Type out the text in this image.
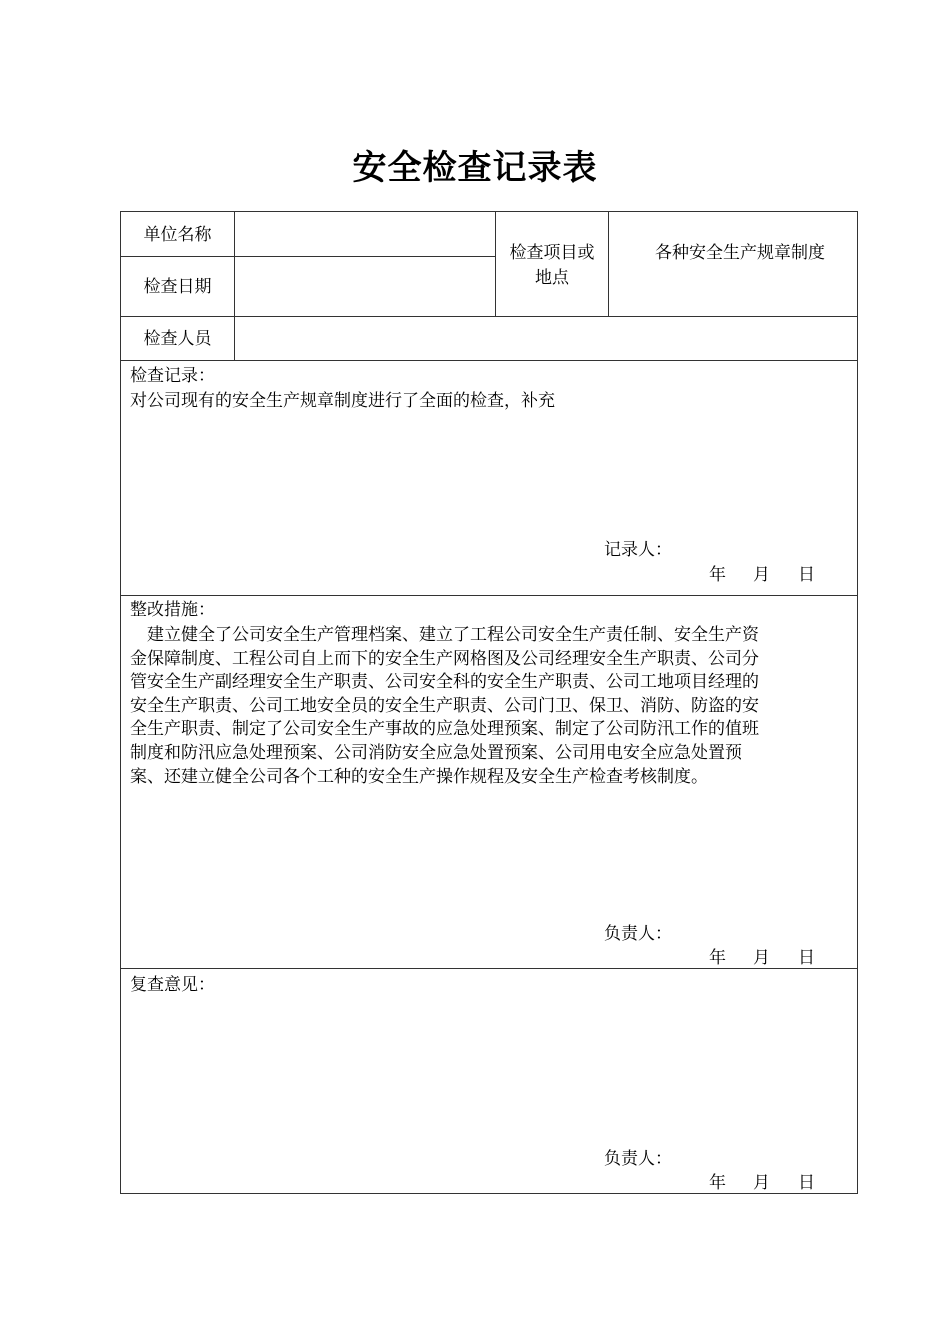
安全检查记录表
单位名称
检查日期
检查人员
检查项目或
地点
各种安全生产规章制度
检查记录：
对公司现有的安全生产规章制度进行了全面的检查，补充
记录人：
年 月 日
整改措施：
　建立健全了公司安全生产管理档案、建立了工程公司安全生产责任制、安全生产资
金保障制度、工程公司自上而下的安全生产网格图及公司经理安全生产职责、公司分
管安全生产副经理安全生产职责、公司安全科的安全生产职责、公司工地项目经理的
安全生产职责、公司工地安全员的安全生产职责、公司门卫、保卫、消防、防盗的安
全生产职责、制定了公司安全生产事故的应急处理预案、制定了公司防汛工作的值班
制度和防汛应急处理预案、公司消防安全应急处置预案、公司用电安全应急处置预
案、还建立健全公司各个工种的安全生产操作规程及安全生产检查考核制度。
负责人：
年 月 日
复查意见：
负责人：
年 月 日
